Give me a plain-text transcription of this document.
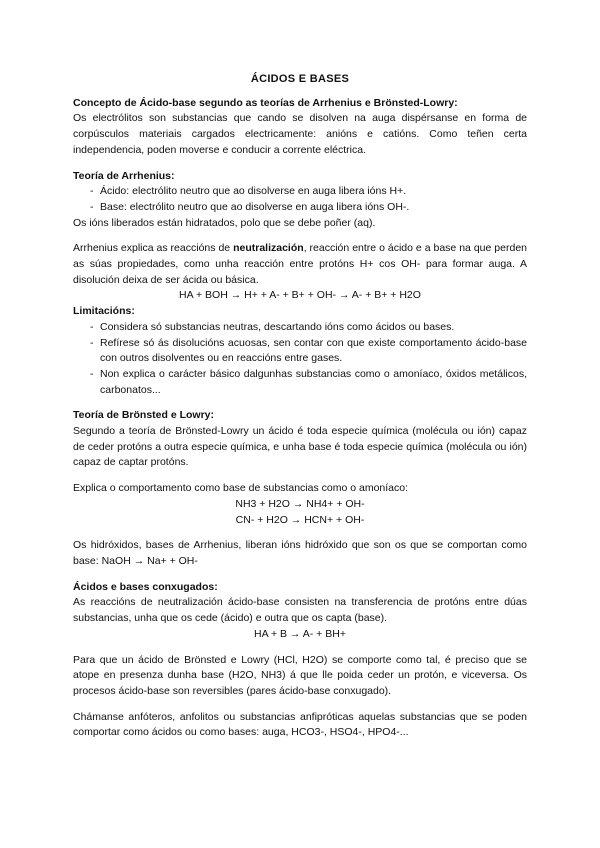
ÁCIDOS E BASES
Concepto de Ácido-base segundo as teorías de Arrhenius e Brönsted-Lowry:

Os electrólitos son substancias que cando se disolven na auga dispérsanse en forma de corpúsculos materiais cargados electricamente: anións e catións. Como teñen certa independencia, poden moverse e conducir a corrente eléctrica.

Teoría de Arrhenius:
- Ácido: electrólito neutro que ao disolverse en auga libera ións H+.
- Base: electrólito neutro que ao disolverse en auga libera ións OH-.

Os ións liberados están hidratados, polo que se debe poñer (aq).

Arrhenius explica as reaccións de neutralización, reacción entre o ácido e a base na que perden as súas propiedades, como unha reacción entre protóns H+ cos OH- para formar auga. A disolución deixa de ser ácida ou básica.

HA + BOH → H+ + A- + B+ + OH- → A- + B+ + H2O

Limitacións:
- Considera só substancias neutras, descartando ións como ácidos ou bases.
- Refírese só ás disolucións acuosas, sen contar con que existe comportamento ácido-base con outros disolventes ou en reaccións entre gases.
- Non explica o carácter básico dalgunhas substancias como o amoníaco, óxidos metálicos, carbonatos...
Teoría de Brönsted e Lowry:

Segundo a teoría de Brönsted-Lowry un ácido é toda especie química (molécula ou ión) capaz de ceder protóns a outra especie química, e unha base é toda especie química (molécula ou ión) capaz de captar protóns.

Explica o comportamento como base de substancias como o amoníaco:

NH3 + H2O → NH4+ + OH-

CN- + H2O → HCN+ + OH-

Os hidróxidos, bases de Arrhenius, liberan ións hidróxido que son os que se comportan como base: NaOH → Na+ + OH-

Ácidos e bases conxugados:

As reaccións de neutralización ácido-base consisten na transferencia de protóns entre dúas substancias, unha que os cede (ácido) e outra que os capta (base).

HA + B → A- + BH+

Para que un ácido de Brönsted e Lowry (HCl, H2O) se comporte como tal, é preciso que se atope en presenza dunha base (H2O, NH3) á que lle poida ceder un protón, e viceversa. Os procesos ácido-base son reversibles (pares ácido-base conxugado).

Chámanse anfóteros, anfolitos ou substancias anfipróticas aquelas substancias que se poden comportar como ácidos ou como bases: auga, HCO3-, HSO4-, HPO4-...
